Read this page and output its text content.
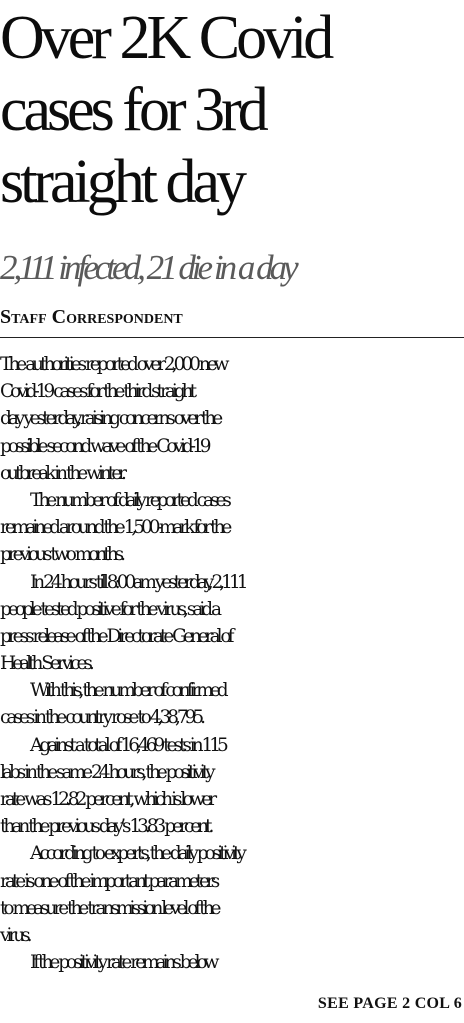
Over 2K Covid
cases for 3rd
straight day
2,111 infected, 21 die in a day

Staff Correspondent

The authorities reported over 2,000 new
Covid-19 cases for the third straight
day yesterday, raising concerns over the
possible second wave of the Covid-19
outbreak in the winter.
The number of daily reported cases
remained around the 1,500-mark for the
previous two months.
In 24 hours till 8:00am yesterday, 2,111
people tested positive for the virus, said a
press release of the Directorate General of
Health Services.
With this, the number of confirmed
cases in the country rose to 4,38,795.
Against a total of 16,469 tests in 115
labs in the same 24 hours, the positivity
rate was 12.82 percent, which is lower
than the previous day’s 13.83 percent.
According to experts, the daily positivity
rate is one of the important parameters
to measure the transmission level of the
virus.
If the positivity rate remains below

SEE PAGE 2 COL 6
